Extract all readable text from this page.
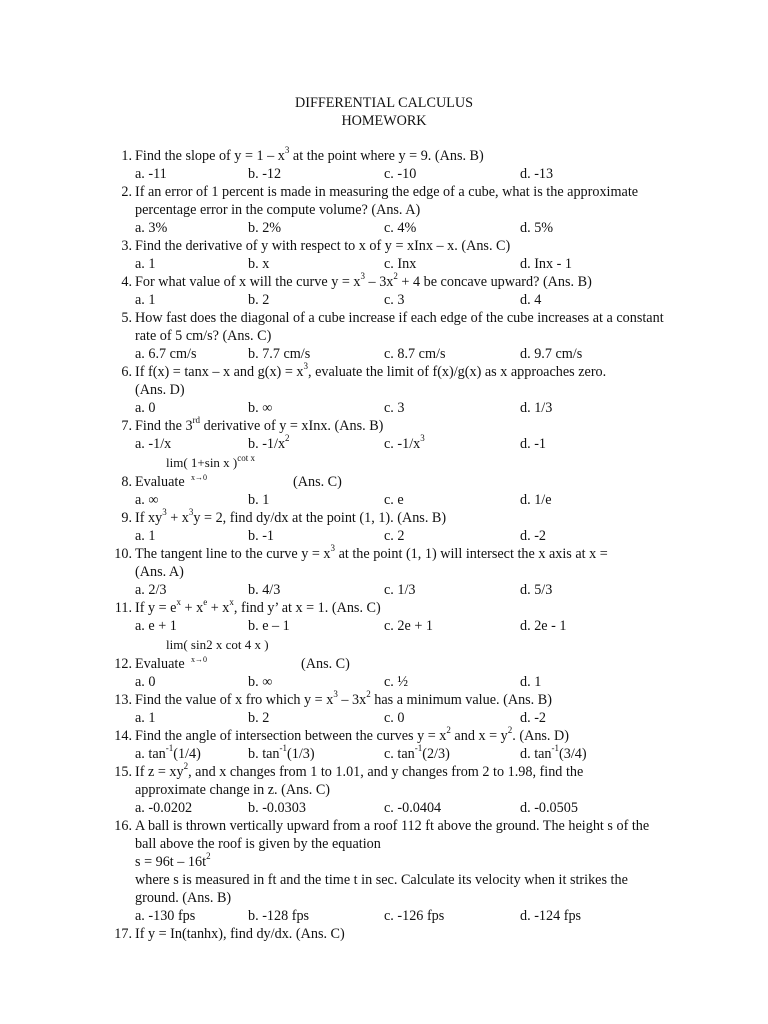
DIFFERENTIAL CALCULUS
HOMEWORK
1. Find the slope of $y = 1 - x^3$ at the point where y = 9. (Ans. B)
a. -11	b. -12	c. -10	d. -13
2. If an error of 1 percent is made in measuring the edge of a cube, what is the approximate percentage error in the compute volume? (Ans. A)
a. 3%	b. 2%	c. 4%	d. 5%
3. Find the derivative of y with respect to x of y = xInx – x. (Ans. C)
a. 1	b. x	c. Inx	d. Inx - 1
4. For what value of x will the curve $y = x^3 - 3x^2 + 4$ be concave upward? (Ans. B)
a. 1	b. 2	c. 3	d. 4
5. How fast does the diagonal of a cube increase if each edge of the cube increases at a constant rate of 5 cm/s? (Ans. C)
a. 6.7 cm/s	b. 7.7 cm/s	c. 8.7 cm/s	d. 9.7 cm/s
6. If f(x) = tanx – x and $g(x) = x^3$, evaluate the limit of f(x)/g(x) as x approaches zero.
(Ans. D)
a. 0	b. ∞	c. 3	d. 1/3
7. Find the 3rd derivative of y = xInx. (Ans. B)
a. -1/x	b. $-1/x^2$	c. $-1/x^3$	d. -1
lim( 1+sin x )$^{cot x}$
8. Evaluate x→0	(Ans. C)
a. ∞	b. 1	c. e	d. 1/e
9. If $xy^3 + x^3y = 2$, find dy/dx at the point (1, 1). (Ans. B)
a. 1	b. -1	c. 2	d. -2
10. The tangent line to the curve $y = x^3$ at the point (1, 1) will intersect the x axis at x =
(Ans. A)
a. 2/3	b. 4/3	c. 1/3	d. 5/3
11. If $y = e^x + x^e + x^x$, find y’ at x = 1. (Ans. C)
a. e + 1	b. e – 1	c. 2e + 1	d. 2e - 1
lim( sin2 x cot 4 x )
12. Evaluate x→0	(Ans. C)
a. 0	b. ∞	c. ½	d. 1
13. Find the value of x fro which $y = x^3 - 3x^2$ has a minimum value. (Ans. B)
a. 1	b. 2	c. 0	d. -2
14. Find the angle of intersection between the curves $y = x^2$ and $x = y^2$. (Ans. D)
a. $\tan^{-1}(1/4)$	b. $\tan^{-1}(1/3)$	c. $\tan^{-1}(2/3)$	d. $\tan^{-1}(3/4)$
15. If $z = xy^2$, and x changes from 1 to 1.01, and y changes from 2 to 1.98, find the
approximate change in z. (Ans. C)
a. -0.0202	b. -0.0303	c. -0.0404	d. -0.0505
16. A ball is thrown vertically upward from a roof 112 ft above the ground. The height s of the ball above the roof is given by the equation
$s = 96t - 16t^2$
where s is measured in ft and the time t in sec. Calculate its velocity when it strikes the ground. (Ans. B)
a. -130 fps	b. -128 fps	c. -126 fps	d. -124 fps
17. If y = In(tanhx), find dy/dx. (Ans. C)
